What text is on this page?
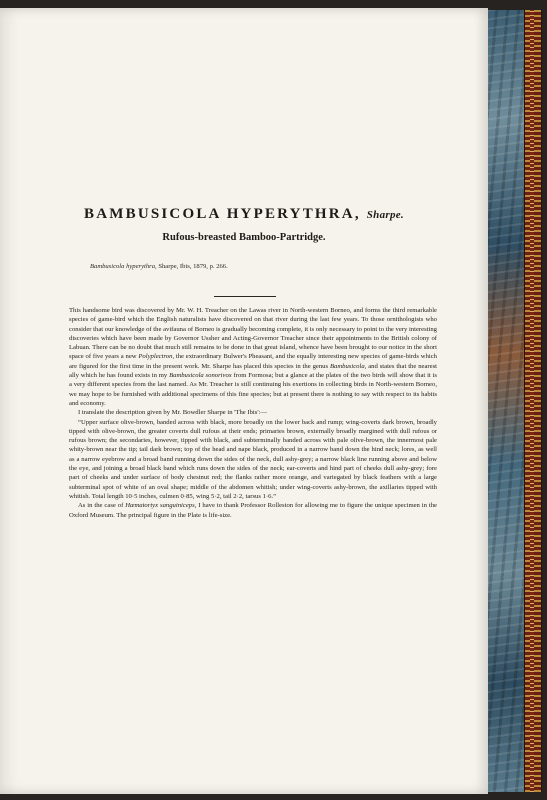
BAMBUSICOLA HYPERYTHRA, Sharpe.
Rufous-breasted Bamboo-Partridge.

Bambusicola hyperythra, Sharpe, Ibis, 1879, p. 266.

This handsome bird was discovered by Mr. W. H. Treacher on the Lawas river in North-western Borneo, and forms the third remarkable species of game-bird which the English naturalists have discovered on that river during the last few years. To those ornithologists who consider that our knowledge of the avifauna of Borneo is gradually becoming complete, it is only necessary to point to the very interesting discoveries which have been made by Governor Ussher and Acting-Governor Treacher since their appointments to the British colony of Labuan. There can be no doubt that much still remains to be done in that great island, whence have been brought to our notice in the short space of five years a new Polyplectron, the extraordinary Bulwer's Pheasant, and the equally interesting new species of game-birds which are figured for the first time in the present work. Mr. Sharpe has placed this species in the genus Bambusicola, and states that the nearest ally which he has found exists in my Bambusicola sonorivox from Formosa; but a glance at the plates of the two birds will show that it is a very different species from the last named. As Mr. Treacher is still continuing his exertions in collecting birds in North-western Borneo, we may hope to be furnished with additional specimens of this fine species; but at present there is nothing to say with respect to its habits and economy.

I translate the description given by Mr. Bowdler Sharpe in 'The Ibis':—

“Upper surface olive-brown, banded across with black, more broadly on the lower back and rump; wing-coverts dark brown, broadly tipped with olive-brown, the greater coverts dull rufous at their ends; primaries brown, externally broadly margined with dull rufous or rufous brown; the secondaries, however, tipped with black, and subterminally banded across with pale olive-brown, the innermost pale whity-brown near the tip; tail dark brown; top of the head and nape black, produced in a narrow band down the hind neck; lores, as well as a narrow eyebrow and a broad band running down the sides of the neck, dull ashy-grey; a narrow black line running above and below the eye, and joining a broad black band which runs down the sides of the neck; ear-coverts and hind part of cheeks dull ashy-grey; fore part of cheeks and under surface of body chestnut red; the flanks rather more orange, and variegated by black feathers with a large subterminal spot of white of an oval shape; middle of the abdomen whitish; under wing-coverts ashy-brown, the axillaries tipped with whitish. Total length 10·5 inches, culmen 0·85, wing 5·2, tail 2·2, tarsus 1·6.”

As in the case of Hæmatortyx sanguiniceps, I have to thank Professor Rolleston for allowing me to figure the unique specimen in the Oxford Museum. The principal figure in the Plate is life-size.
